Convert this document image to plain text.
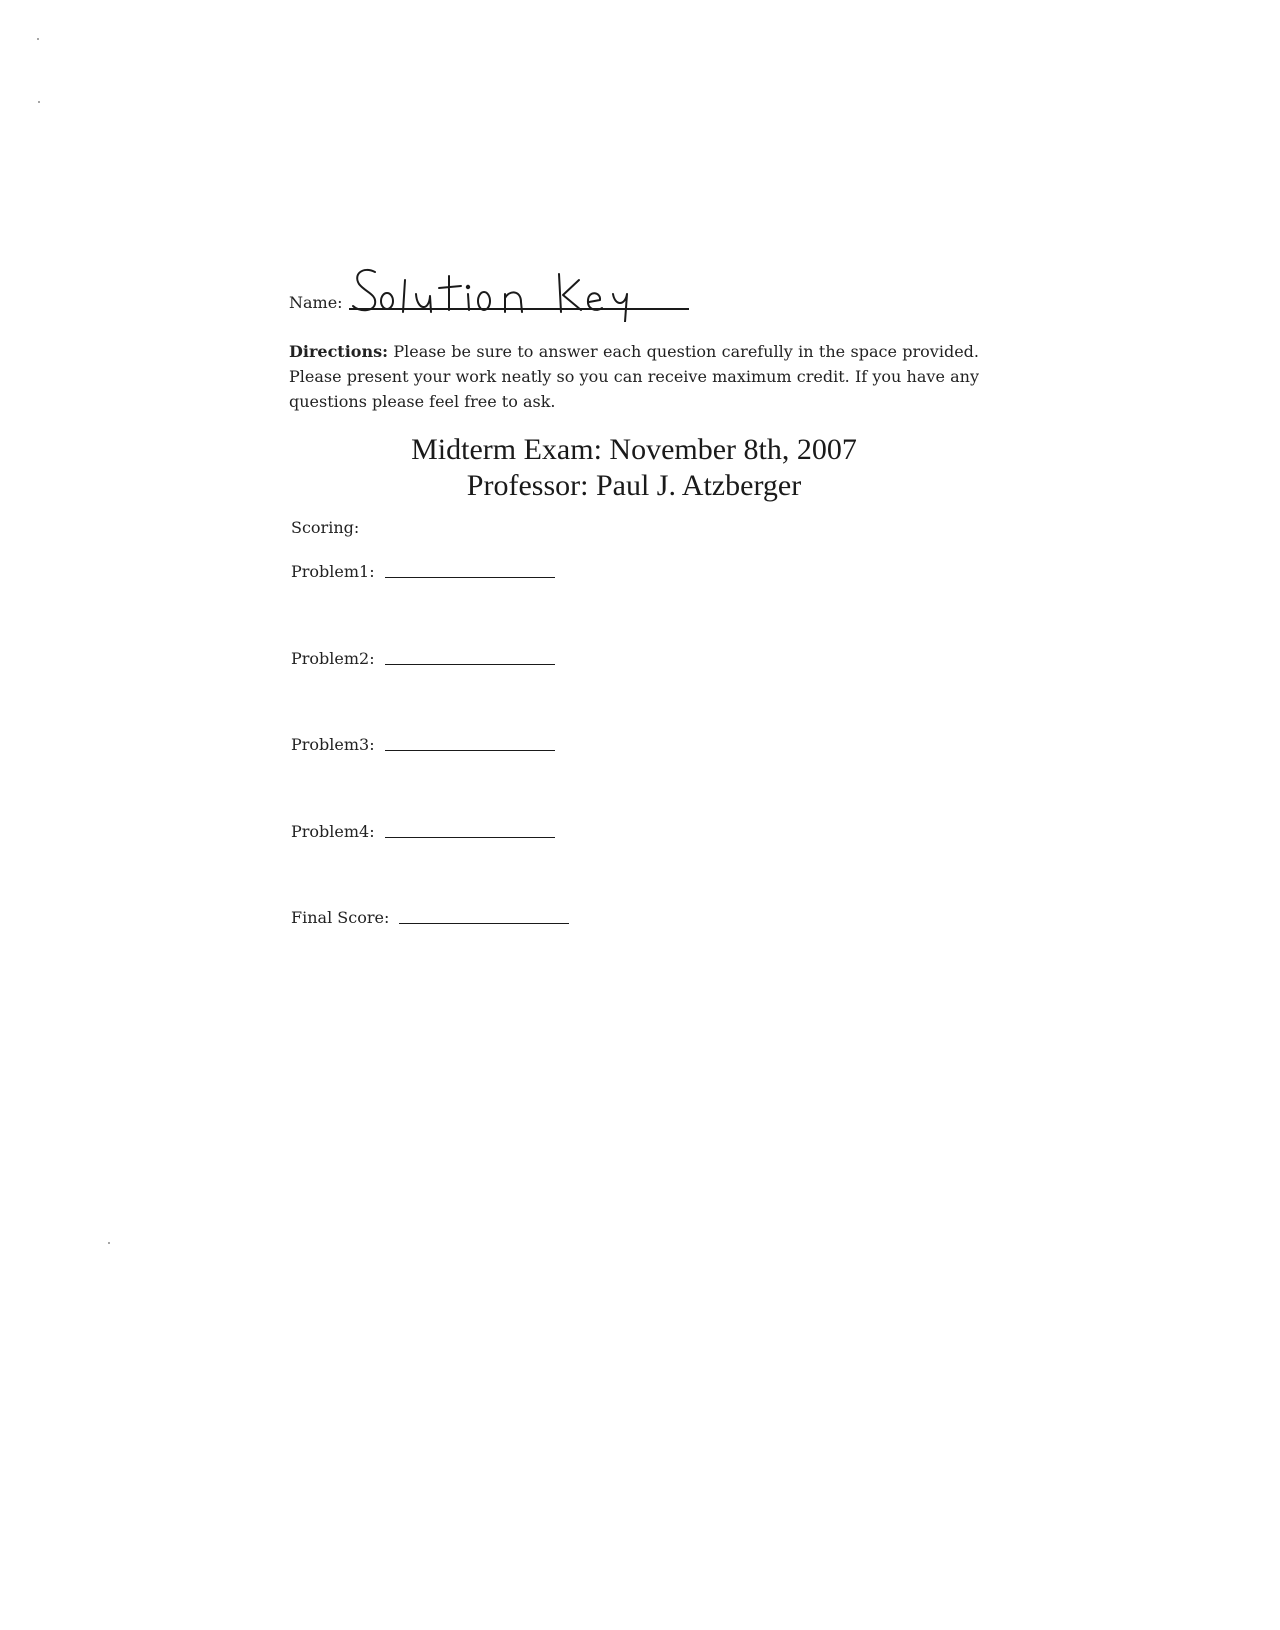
Name:
Directions: Please be sure to answer each question carefully in the space provided. Please present your work neatly so you can receive maximum credit. If you have any questions please feel free to ask.
Midterm Exam: November 8th, 2007
Professor: Paul J. Atzberger
Scoring:
Problem1:
Problem2:
Problem3:
Problem4:
Final Score:
